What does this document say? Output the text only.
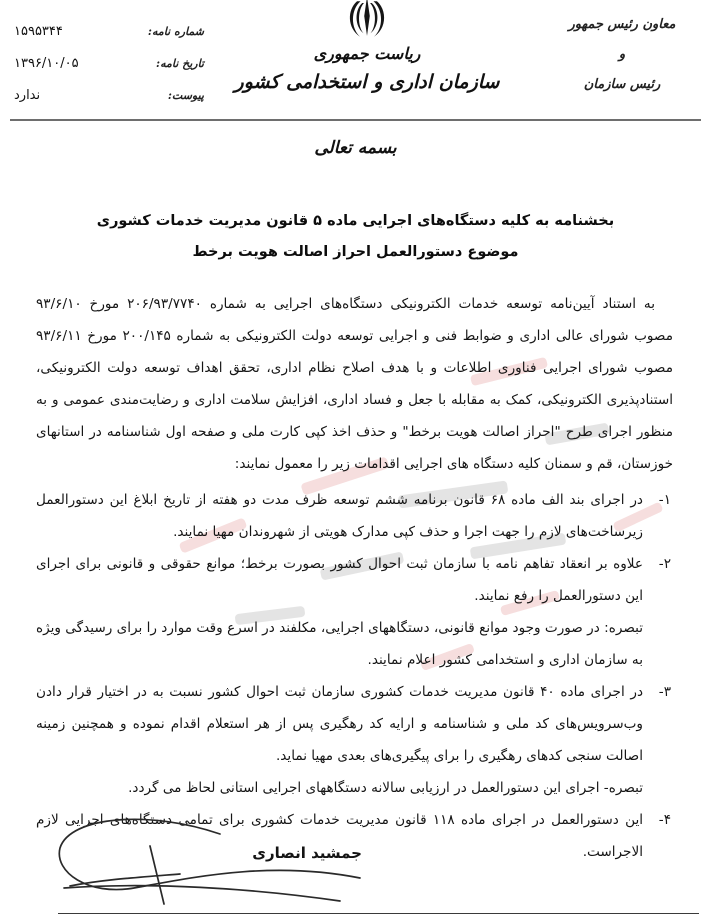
معاون رئیس جمهور
و
رئیس سازمان
ریاست جمهوری
سازمان اداری و استخدامی کشور
شماره نامه:
۱۵۹۵۳۴۴
تاریخ نامه:
۱۳۹۶/۱۰/۰۵
پیوست:
ندارد
بسمه تعالی
بخشنامه به کلیه دستگاه‌های اجرایی ماده ۵ قانون مدیریت خدمات کشوری
موضوع دستورالعمل احراز اصالت هویت برخط

به استناد آیین‌نامه توسعه خدمات الکترونیکی دستگاه‌های اجرایی به شماره ۲۰۶/۹۳/۷۷۴۰ مورخ ۹۳/۶/۱۰ مصوب شورای عالی اداری و ضوابط فنی و اجرایی توسعه دولت الکترونیکی به شماره ۲۰۰/۱۴۵ مورخ ۹۳/۶/۱۱ مصوب شورای اجرایی فناوری اطلاعات و با هدف اصلاح نظام اداری، تحقق اهداف توسعه دولت الکترونیکی، استنادپذیری الکترونیکی، کمک به مقابله با جعل و فساد اداری، افزایش سلامت اداری و رضایت‌مندی عمومی و به منظور اجرای طرح "احراز اصالت هویت برخط" و حذف اخذ کپی کارت ملی و صفحه اول شناسنامه در استانهای خوزستان، قم و سمنان کلیه دستگاه های اجرایی اقدامات زیر را معمول نمایند:

۱-
در اجرای بند الف ماده ۶۸ قانون برنامه ششم توسعه ظرف مدت دو هفته از تاریخ ابلاغ این دستورالعمل زیرساخت‌های لازم را جهت اجرا و حذف کپی مدارک هویتی از شهروندان مهیا نمایند.
۲-
علاوه بر انعقاد تفاهم نامه با سازمان ثبت احوال کشور بصورت برخط؛ موانع حقوقی و قانونی برای اجرای این دستورالعمل را رفع نمایند.
تبصره: در صورت وجود موانع قانونی، دستگاههای اجرایی، مکلفند در اسرع وقت موارد را برای رسیدگی ویژه به سازمان اداری و استخدامی کشور اعلام نمایند.
۳-
در اجرای ماده ۴۰ قانون مدیریت خدمات کشوری سازمان ثبت احوال کشور نسبت به در اختیار قرار دادن وب‌سرویس‌های کد ملی و شناسنامه و ارایه کد رهگیری پس از هر استعلام اقدام نموده و همچنین زمینه اصالت سنجی کدهای رهگیری را برای پیگیری‌های بعدی مهیا نماید.
تبصره- اجرای این دستورالعمل در ارزیابی سالانه دستگاههای اجرایی استانی لحاظ می گردد.
۴-
این دستورالعمل در اجرای ماده ۱۱۸ قانون مدیریت خدمات کشوری برای تمامی دستگاه‌های اجرایی لازم الاجراست.
جمشید انصاری
